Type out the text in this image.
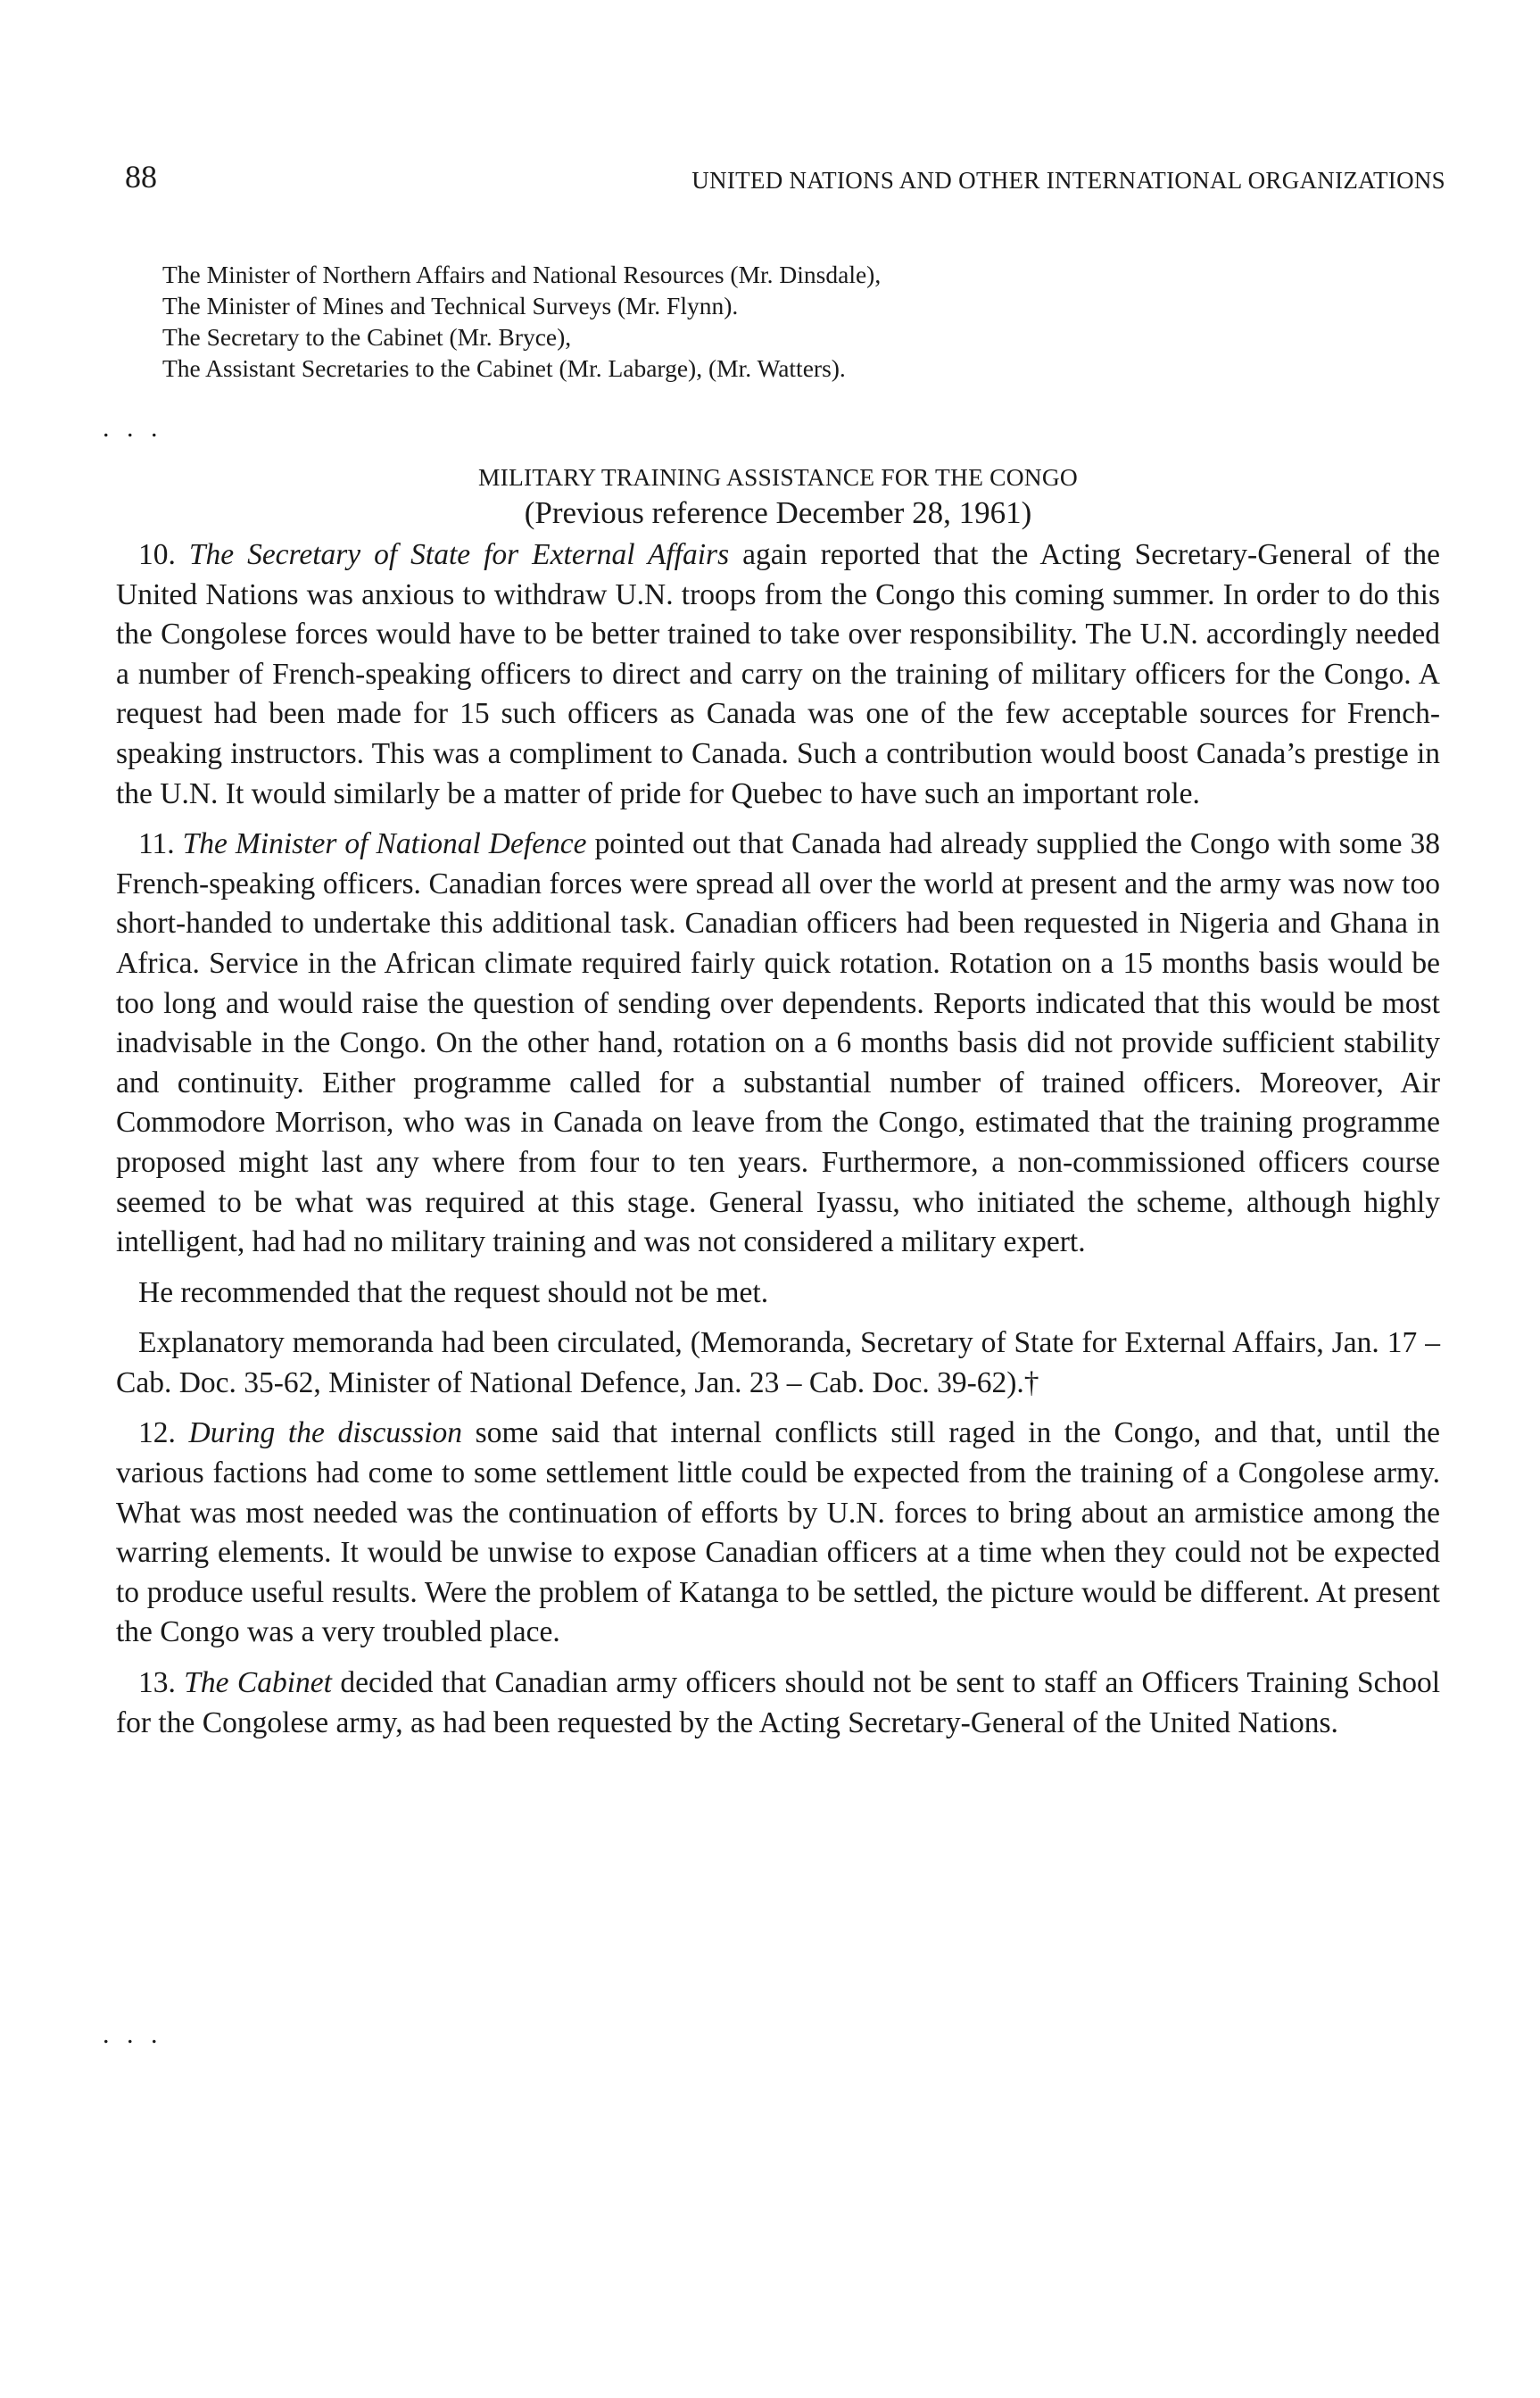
88	UNITED NATIONS AND OTHER INTERNATIONAL ORGANIZATIONS
The Minister of Northern Affairs and National Resources (Mr. Dinsdale),
The Minister of Mines and Technical Surveys (Mr. Flynn).
The Secretary to the Cabinet (Mr. Bryce),
The Assistant Secretaries to the Cabinet (Mr. Labarge), (Mr. Watters).
. . .
MILITARY TRAINING ASSISTANCE FOR THE CONGO
(Previous reference December 28, 1961)

10. The Secretary of State for External Affairs again reported that the Acting Secretary-General of the United Nations was anxious to withdraw U.N. troops from the Congo this coming summer. In order to do this the Congolese forces would have to be better trained to take over responsibility. The U.N. accordingly needed a number of French-speaking officers to direct and carry on the training of military officers for the Congo. A request had been made for 15 such officers as Canada was one of the few acceptable sources for French-speaking instructors. This was a compliment to Canada. Such a contribution would boost Canada’s prestige in the U.N. It would similarly be a matter of pride for Quebec to have such an important role.

11. The Minister of National Defence pointed out that Canada had already supplied the Congo with some 38 French-speaking officers. Canadian forces were spread all over the world at present and the army was now too short-handed to undertake this additional task. Canadian officers had been requested in Nigeria and Ghana in Africa. Service in the African climate required fairly quick rotation. Rotation on a 15 months basis would be too long and would raise the question of sending over dependents. Reports indicated that this would be most inadvisable in the Congo. On the other hand, rotation on a 6 months basis did not provide sufficient stability and continuity. Either programme called for a substantial number of trained officers. Moreover, Air Commodore Morrison, who was in Canada on leave from the Congo, estimated that the training programme proposed might last any where from four to ten years. Furthermore, a non-commissioned officers course seemed to be what was required at this stage. General Iyassu, who initiated the scheme, although highly intelligent, had had no military training and was not considered a military expert.

He recommended that the request should not be met.

Explanatory memoranda had been circulated, (Memoranda, Secretary of State for External Affairs, Jan. 17 – Cab. Doc. 35-62, Minister of National Defence, Jan. 23 – Cab. Doc. 39-62).†

12. During the discussion some said that internal conflicts still raged in the Congo, and that, until the various factions had come to some settlement little could be expected from the training of a Congolese army. What was most needed was the continuation of efforts by U.N. forces to bring about an armistice among the warring elements. It would be unwise to expose Canadian officers at a time when they could not be expected to produce useful results. Were the problem of Katanga to be settled, the picture would be different. At present the Congo was a very troubled place.

13. The Cabinet decided that Canadian army officers should not be sent to staff an Officers Training School for the Congolese army, as had been requested by the Acting Secretary-General of the United Nations.

. . .
